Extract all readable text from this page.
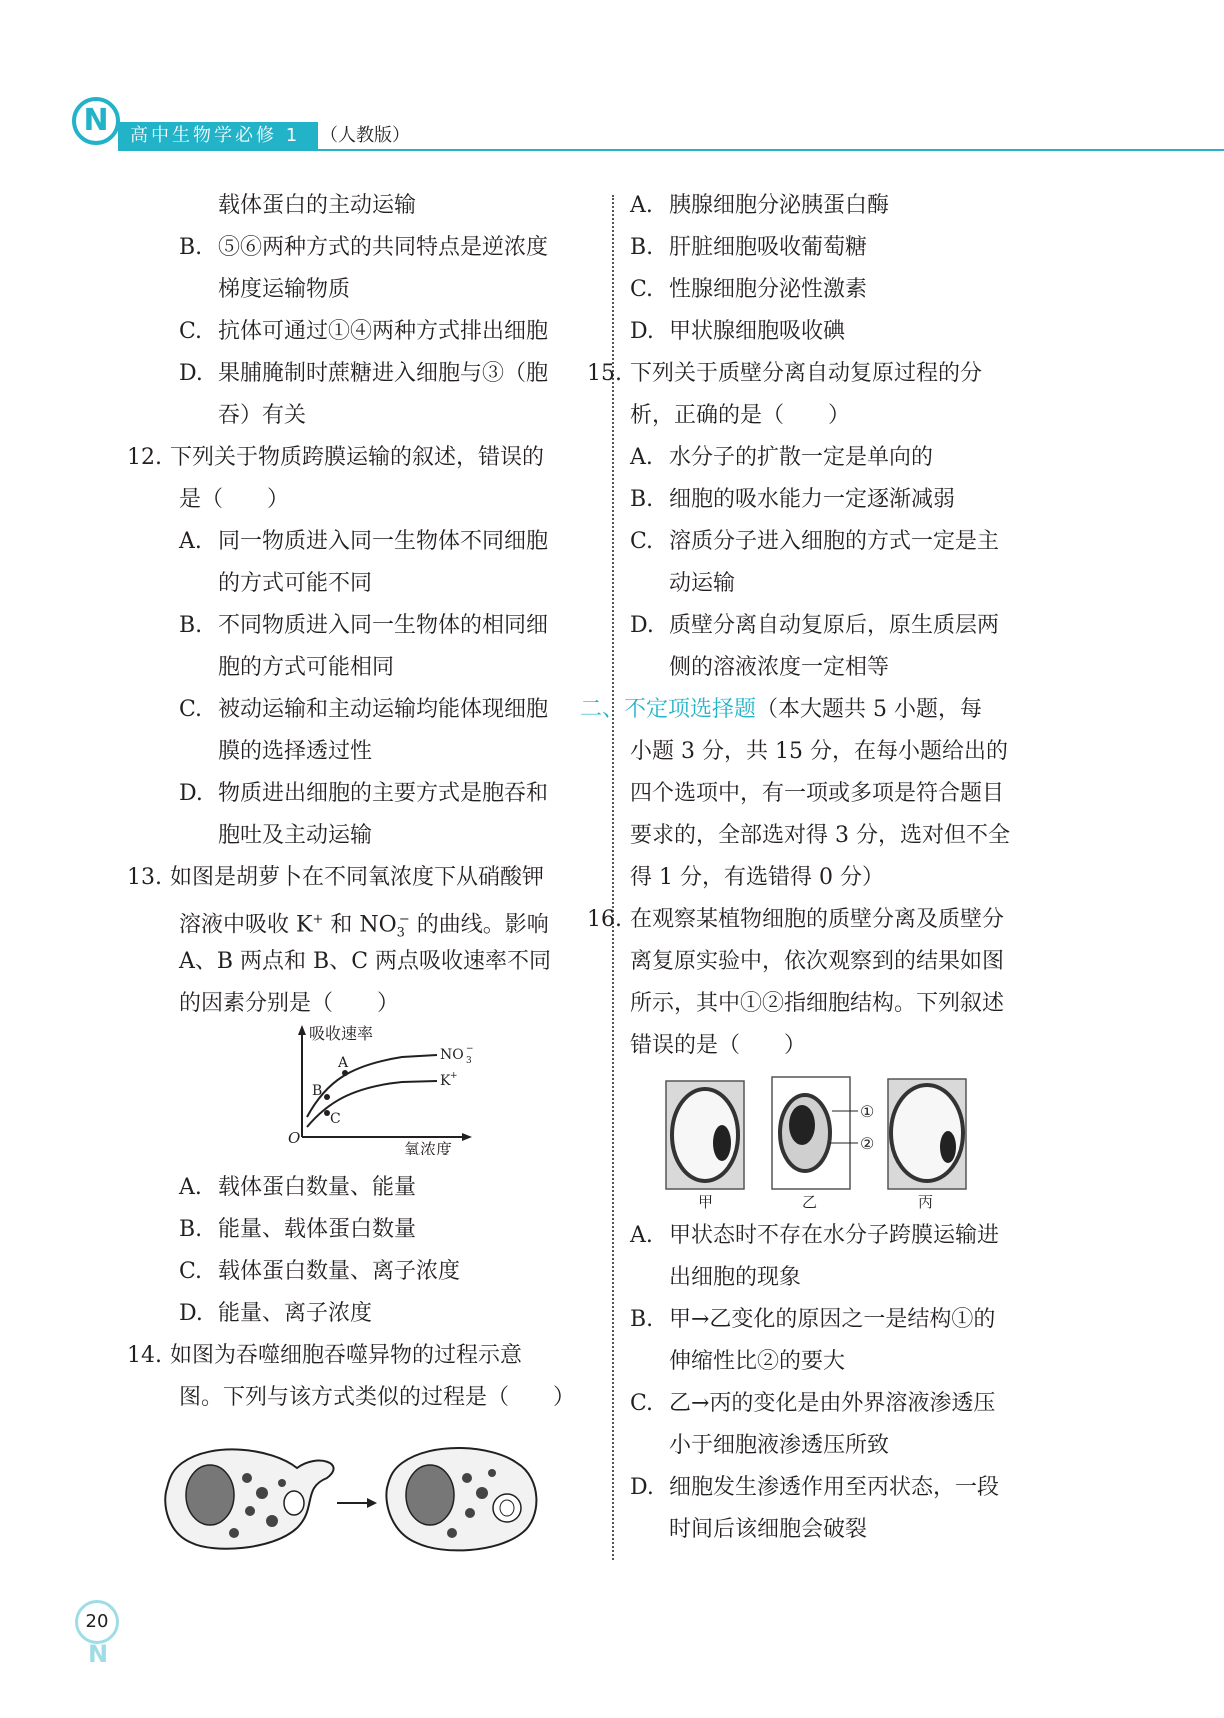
N	高中生物学必修 1	（人教版）
载体蛋白的主动运输
B. ⑤⑥两种方式的共同特点是逆浓度
梯度运输物质
C. 抗体可通过①④两种方式排出细胞
D. 果脯腌制时蔗糖进入细胞与③（胞
吞）有关
12. 下列关于物质跨膜运输的叙述，错误的
是（　　）
A. 同一物质进入同一生物体不同细胞
的方式可能不同
B. 不同物质进入同一生物体的相同细
胞的方式可能相同
C. 被动运输和主动运输均能体现细胞
膜的选择透过性
D. 物质进出细胞的主要方式是胞吞和
胞吐及主动运输
13. 如图是胡萝卜在不同氧浓度下从硝酸钾
溶液中吸收 K+ 和 $NO_3^-$ 的曲线。影响
A、B 两点和 B、C 两点吸收速率不同
的因素分别是（　　）
吸收速率
氧浓度
O
A
B
C
NO 3
−
K +
A. 载体蛋白数量、能量
B. 能量、载体蛋白数量
C. 载体蛋白数量、离子浓度
D. 能量、离子浓度
14. 如图为吞噬细胞吞噬异物的过程示意
图。下列与该方式类似的过程是（　　）
A. 胰腺细胞分泌胰蛋白酶
B. 肝脏细胞吸收葡萄糖
C. 性腺细胞分泌性激素
D. 甲状腺细胞吸收碘
15. 下列关于质壁分离自动复原过程的分
析，正确的是（　　）
A. 水分子的扩散一定是单向的
B. 细胞的吸水能力一定逐渐减弱
C. 溶质分子进入细胞的方式一定是主
动运输
D. 质壁分离自动复原后，原生质层两
侧的溶液浓度一定相等
二、不定项选择题（本大题共 5 小题，每
小题 3 分，共 15 分，在每小题给出的
四个选项中，有一项或多项是符合题目
要求的，全部选对得 3 分，选对但不全
得 1 分，有选错得 0 分）
16. 在观察某植物细胞的质壁分离及质壁分
离复原实验中，依次观察到的结果如图
所示，其中①②指细胞结构。下列叙述
错误的是（　　）
①
②
甲	乙	丙
A. 甲状态时不存在水分子跨膜运输进
出细胞的现象
B. 甲→乙变化的原因之一是结构①的
伸缩性比②的要大
C. 乙→丙的变化是由外界溶液渗透压
小于细胞液渗透压所致
D. 细胞发生渗透作用至丙状态，一段
时间后该细胞会破裂
20
N
